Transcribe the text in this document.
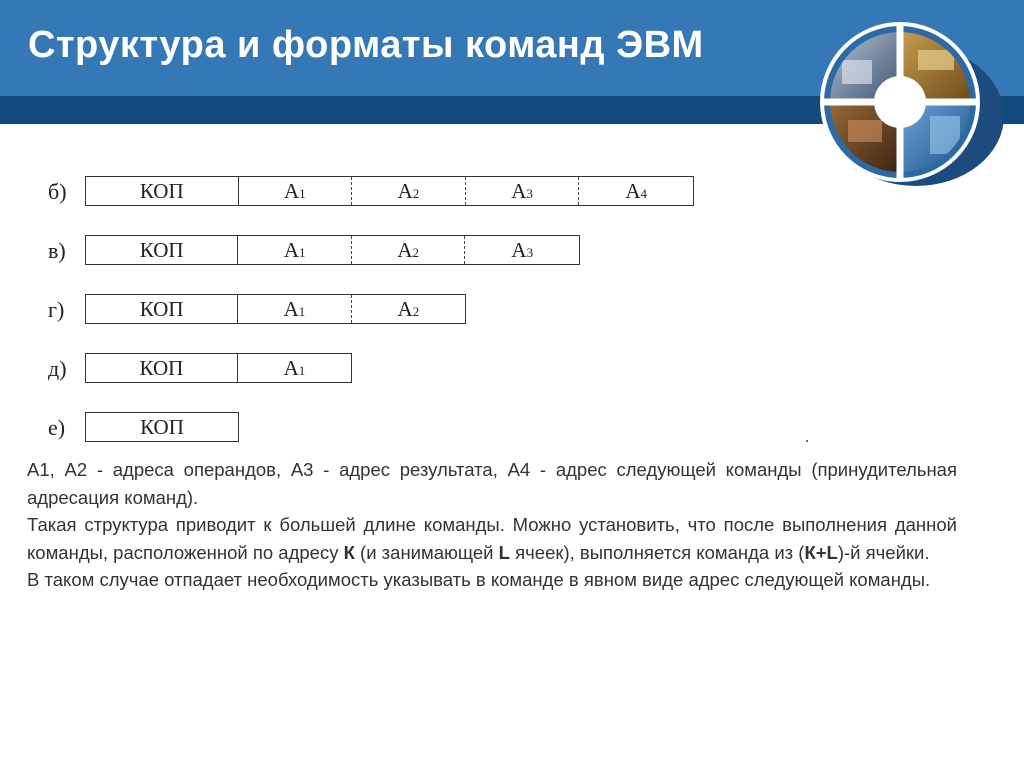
Структура и форматы команд ЭВМ
б)	КОП	$А_1$	$А_2$	$А_3$	$А_4$
в)	КОП	$А_1$	$А_2$	$А_3$
г)	КОП	$А_1$	$А_2$
д)	КОП	$А_1$
е)	КОП

А1, А2 - адреса операндов, А3 - адрес результата, А4 - адрес следующей команды (принудительная адресация команд).

Такая структура приводит к большей длине команды. Можно установить, что после выполнения данной команды, расположенной по адресу К (и занимающей L ячеек), выполняется команда из (К+L)-й ячейки.

В таком случае отпадает необходимость указывать в команде в явном виде адрес следующей команды.
